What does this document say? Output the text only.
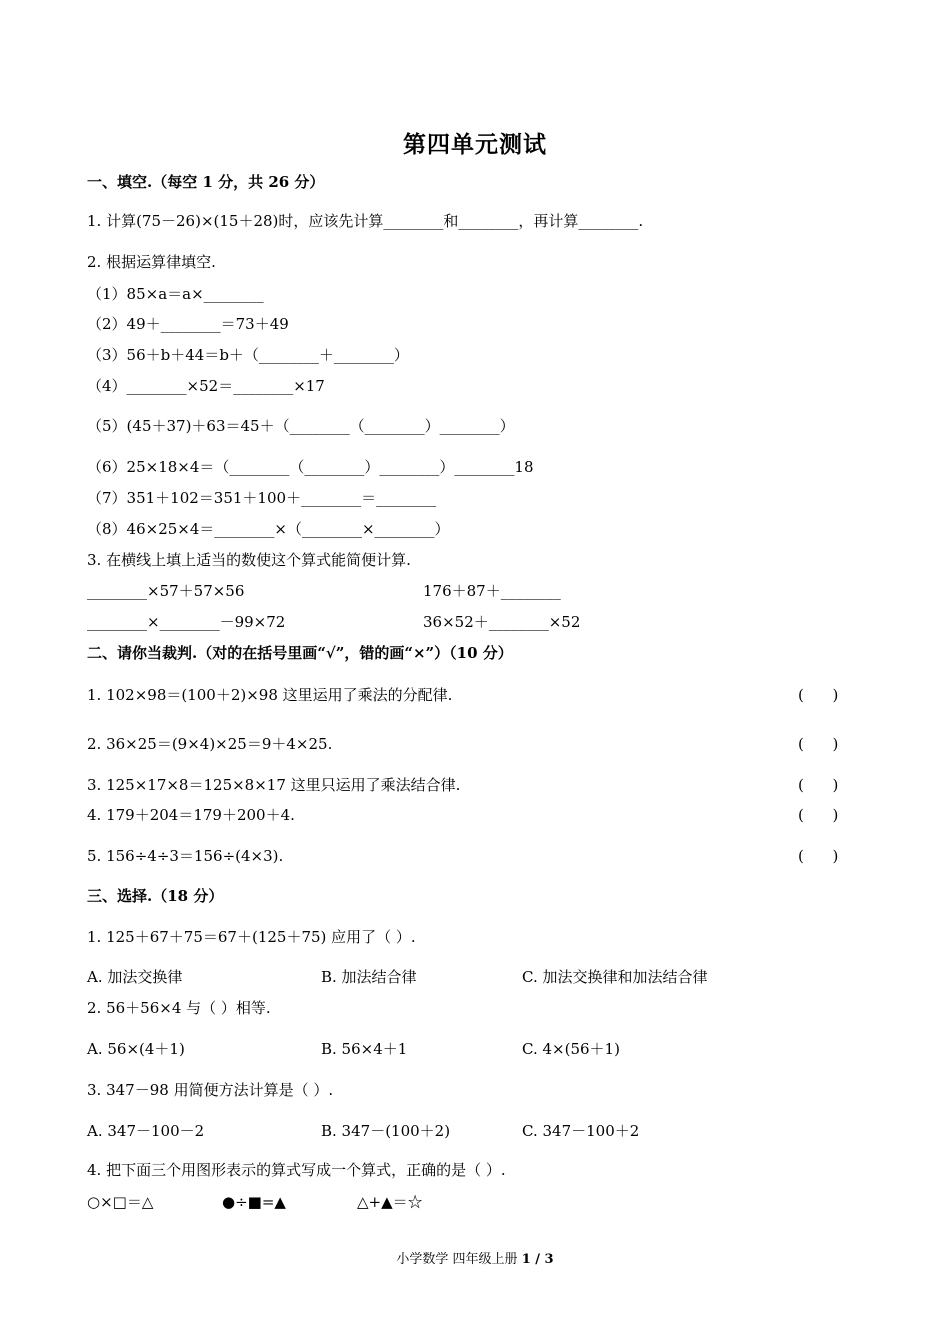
第四单元测试
一、填空.（每空 1 分，共 26 分）
1. 计算(75－26)×(15＋28)时，应该先计算________和________，再计算________.
2. 根据运算律填空.
（1）85×a＝a×________
（2）49＋________＝73＋49
（3）56＋b＋44＝b＋（________＋________）
（4）________×52＝________×17
（5）(45＋37)＋63＝45＋（________（________）________）
（6）25×18×4＝（________（________）________）________18
（7）351＋102＝351＋100＋________＝________
（8）46×25×4＝________×（________×________）
3. 在横线上填上适当的数使这个算式能简便计算.
________×57＋57×56	176＋87＋________
________×________－99×72	36×52＋________×52
二、请你当裁判.（对的在括号里画“√”，错的画“×”）（10 分）
1. 102×98＝(100＋2)×98 这里运用了乘法的分配律.	(      )
2. 36×25＝(9×4)×25＝9＋4×25.	(      )
3. 125×17×8＝125×8×17 这里只运用了乘法结合律.	(      )
4. 179＋204＝179＋200＋4.	(      )
5. 156÷4÷3＝156÷(4×3).	(      )
三、选择.（18 分）
1. 125＋67＋75＝67＋(125＋75) 应用了（ ）.
A. 加法交换律	B. 加法结合律	C. 加法交换律和加法结合律
2. 56＋56×4 与（ ）相等.
A. 56×(4＋1)	B. 56×4＋1	C. 4×(56＋1)
3. 347－98 用简便方法计算是（ ）.
A. 347－100－2	B. 347－(100＋2)	C. 347－100＋2
4. 把下面三个用图形表示的算式写成一个算式，正确的是（ ）.
○×□＝△	●÷■=▲	△+▲＝☆
小学数学 四年级上册 1 / 3
